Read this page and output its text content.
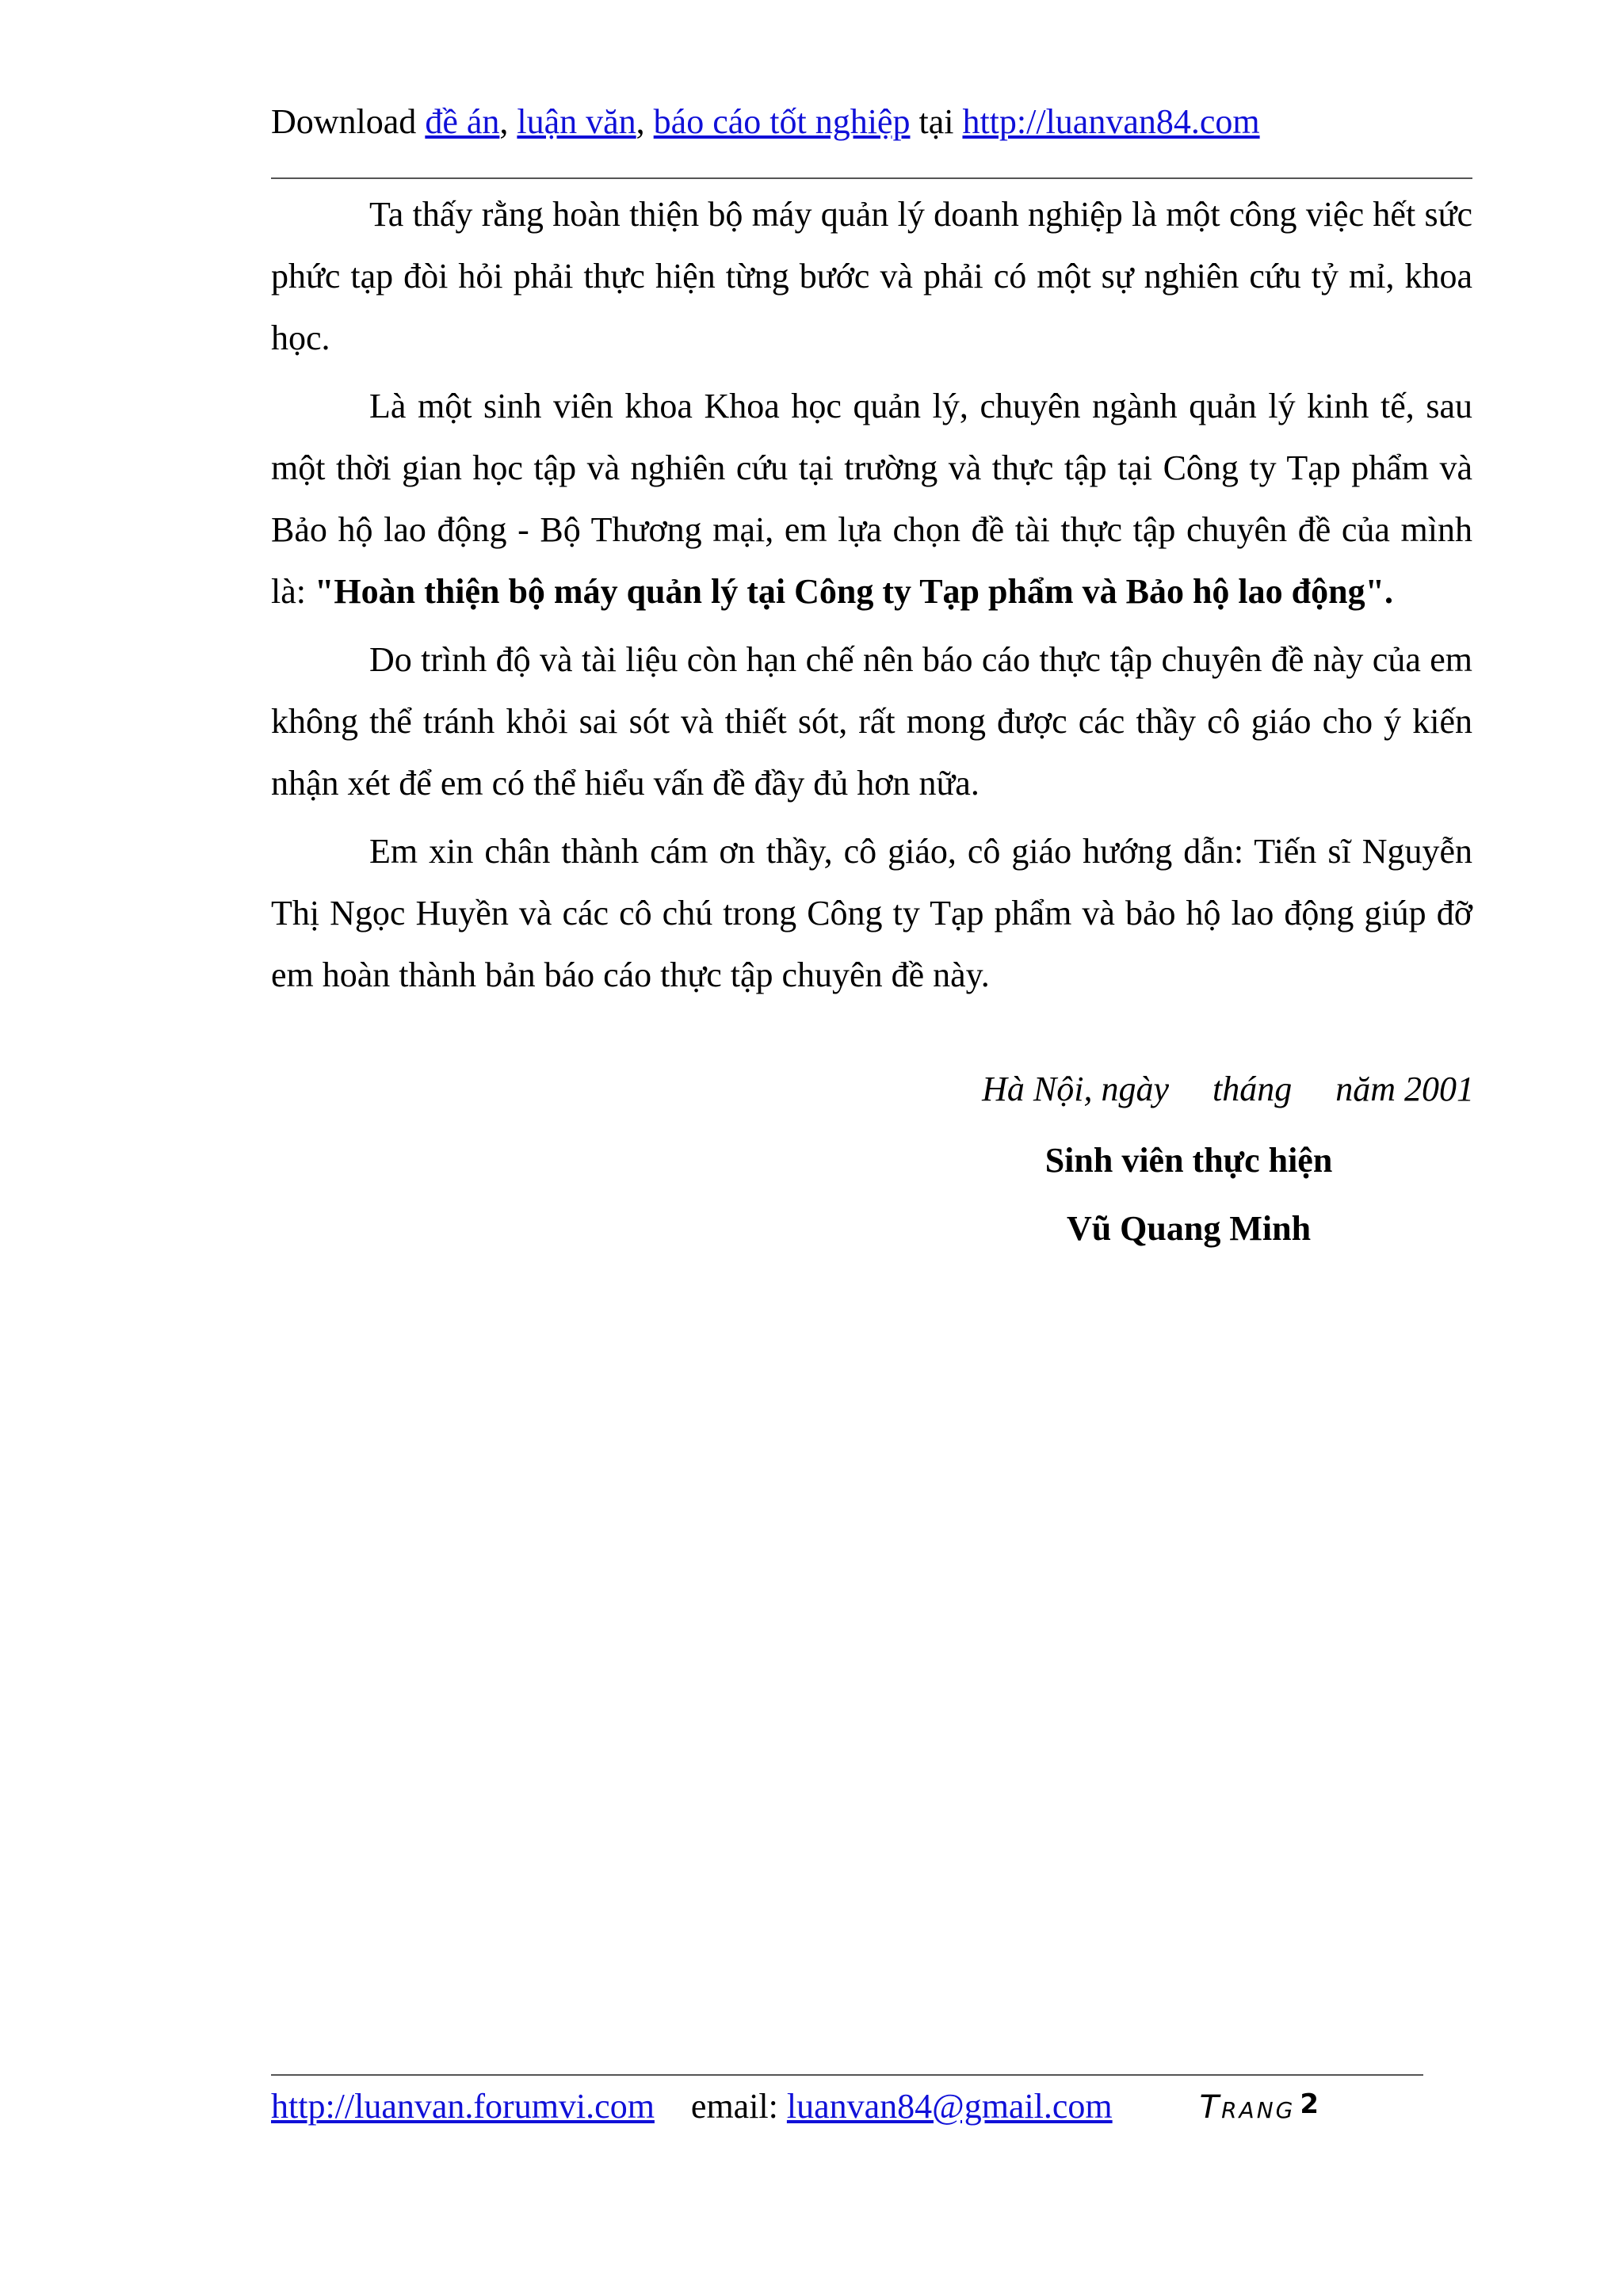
Download đề án, luận văn, báo cáo tốt nghiệp tại http://luanvan84.com

Ta thấy rằng hoàn thiện bộ máy quản lý doanh nghiệp là một công việc hết sức phức tạp đòi hỏi phải thực hiện từng bước và phải có một sự nghiên cứu tỷ mỉ, khoa học.

Là một sinh viên khoa Khoa học quản lý, chuyên ngành quản lý kinh tế, sau một thời gian học tập và nghiên cứu tại trường và thực tập tại Công ty Tạp phẩm và Bảo hộ lao động - Bộ Thương mại, em lựa chọn đề tài thực tập chuyên đề của mình là: "Hoàn thiện bộ máy quản lý tại Công ty Tạp phẩm và Bảo hộ lao động".

Do trình độ và tài liệu còn hạn chế nên báo cáo thực tập chuyên đề này của em không thể tránh khỏi sai sót và thiết sót, rất mong được các thầy cô giáo cho ý kiến nhận xét để em có thể hiểu vấn đề đầy đủ hơn nữa.

Em xin chân thành cám ơn thầy, cô giáo, cô giáo hướng dẫn: Tiến sĩ Nguyễn Thị Ngọc Huyền và các cô chú trong Công ty Tạp phẩm và bảo hộ lao động giúp đỡ em hoàn thành bản báo cáo thực tập chuyên đề này.

Hà Nội, ngày     tháng     năm 2001
Sinh viên thực hiện
Vũ Quang Minh
http://luanvan.forumvi.com email: luanvan84@gmail.com	Trang 2
